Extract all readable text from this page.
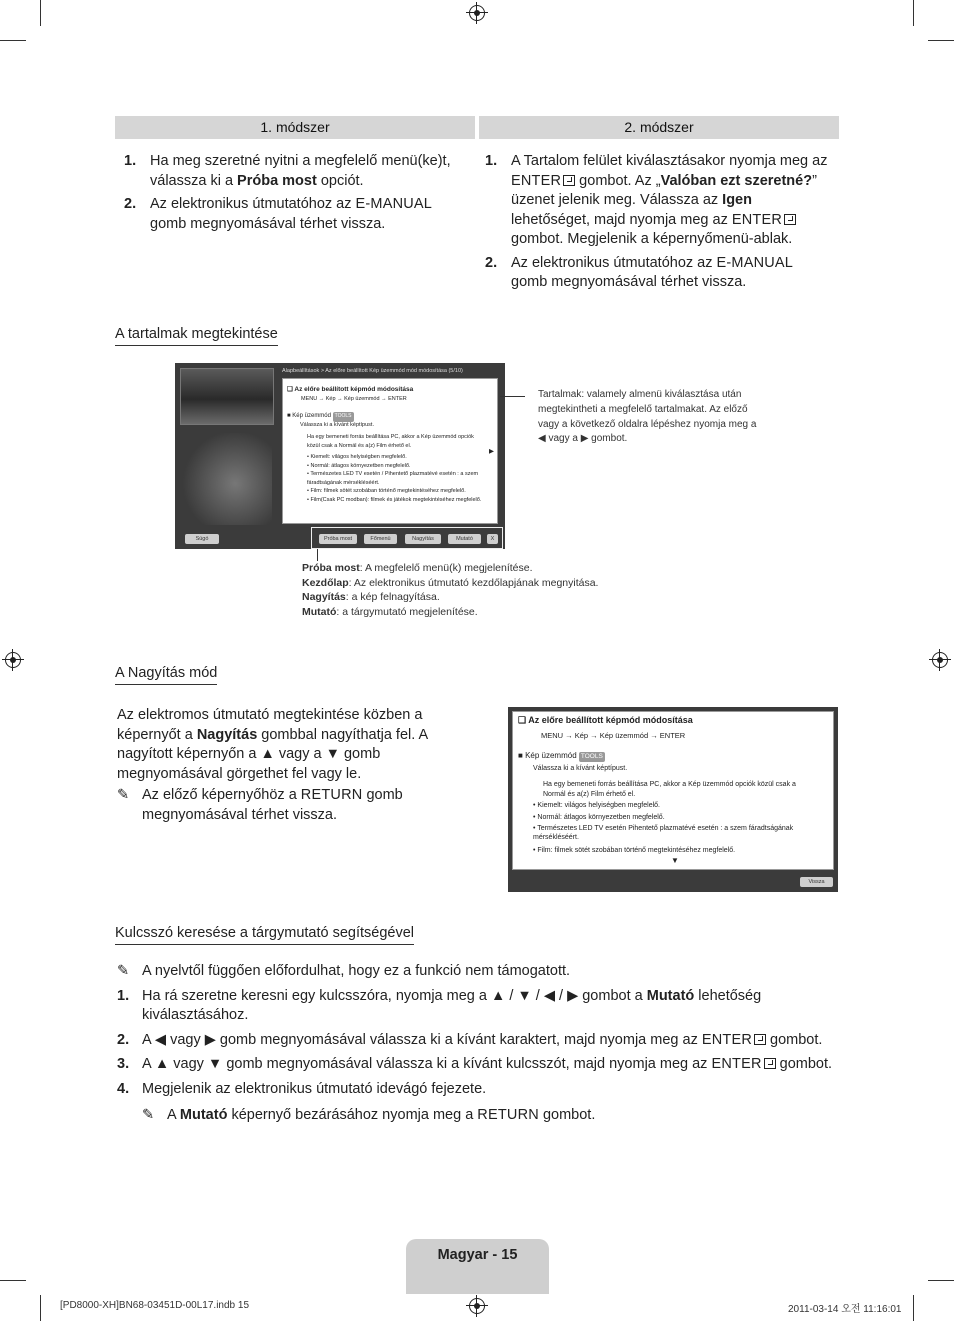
1. módszer	2. módszer
1. Ha meg szeretné nyitni a megfelelő menü(ke)t, válassza ki a Próba most opciót.
2. Az elektronikus útmutatóhoz az E-MANUAL gomb megnyomásával térhet vissza.
1. A Tartalom felület kiválasztásakor nyomja meg az ENTER gombot. Az „Valóban ezt szeretné?” üzenet jelenik meg. Válassza az Igen lehetőséget, majd nyomja meg az ENTER gombot. Megjelenik a képernyőmenü-ablak.
2. Az elektronikus útmutatóhoz az E-MANUAL gomb megnyomásával térhet vissza.
A tartalmak megtekintése
Alapbeállítások > Az előre beállított Kép üzemmód mód módosítása (5/10)
❑ Az előre beállított képmód módosítása
MENU → Kép → Kép üzemmód → ENTER
■ Kép üzemmód TOOLS
Válassza ki a kívánt képtípust.
Ha egy bemeneti forrás beállítása PC, akkor a Kép üzemmód opciók közül csak a Normál és a(z) Film érhető el.
• Kiemelt: világos helyiségben megfelelő.
• Normál: átlagos környezetben megfelelő.
• Természetes LED TV esetén / Pihentető plazmatévé esetén : a szem fáradtságának mérsékléséért.
• Film: filmek sötét szobában történő megtekintéséhez megfelelő.
• Film(Csak PC modban): filmek és játékok megtekintéséhez megfelelő.
▶
Súgó	Próba most	Főmenü	Nagyítás	Mutató	X
Tartalmak: valamely almenü kiválasztása után megtekintheti a megfelelő tartalmakat. Az előző vagy a következő oldalra lépéshez nyomja meg a ◀ vagy a ▶ gombot.
Próba most: A megfelelő menü(k) megjelenítése.
Kezdőlap: Az elektronikus útmutató kezdőlapjának megnyitása.
Nagyítás: a kép felnagyítása.
Mutató: a tárgymutató megjelenítése.
A Nagyítás mód
Az elektromos útmutató megtekintése közben a képernyőt a Nagyítás gombbal nagyíthatja fel. A nagyított képernyőn a ▲ vagy a ▼ gomb megnyomásával görgethet fel vagy le.
✎ Az előző képernyőhöz a RETURN gomb megnyomásával térhet vissza.
❑ Az előre beállított képmód módosítása
MENU → Kép → Kép üzemmód → ENTER
■ Kép üzemmód TOOLS
Válassza ki a kívánt képtípust.
Ha egy bemeneti forrás beállítása PC, akkor a Kép üzemmód opciók közül csak a Normál és a(z) Film érhető el.
• Kiemelt: világos helyiségben megfelelő.
• Normál: átlagos környezetben megfelelő.
• Természetes LED TV esetén Pihentető plazmatévé esetén : a szem fáradtságának mérsékléséért.
• Film: filmek sötét szobában történő megtekintéséhez megfelelő.
▼
Vissza
Kulcsszó keresése a tárgymutató segítségével
✎ A nyelvtől függően előfordulhat, hogy ez a funkció nem támogatott.
1. Ha rá szeretne keresni egy kulcsszóra, nyomja meg a ▲ / ▼ / ◀ / ▶ gombot a Mutató lehetőség kiválasztásához.
2. A ◀ vagy ▶ gomb megnyomásával válassza ki a kívánt karaktert, majd nyomja meg az ENTER gombot.
3. A ▲ vagy ▼ gomb megnyomásával válassza ki a kívánt kulcsszót, majd nyomja meg az ENTER gombot.
4. Megjelenik az elektronikus útmutató idevágó fejezete.
✎ A Mutató képernyő bezárásához nyomja meg a RETURN gombot.
Magyar - 15
[PD8000-XH]BN68-03451D-00L17.indb 15	2011-03-14 오전 11:16:01
